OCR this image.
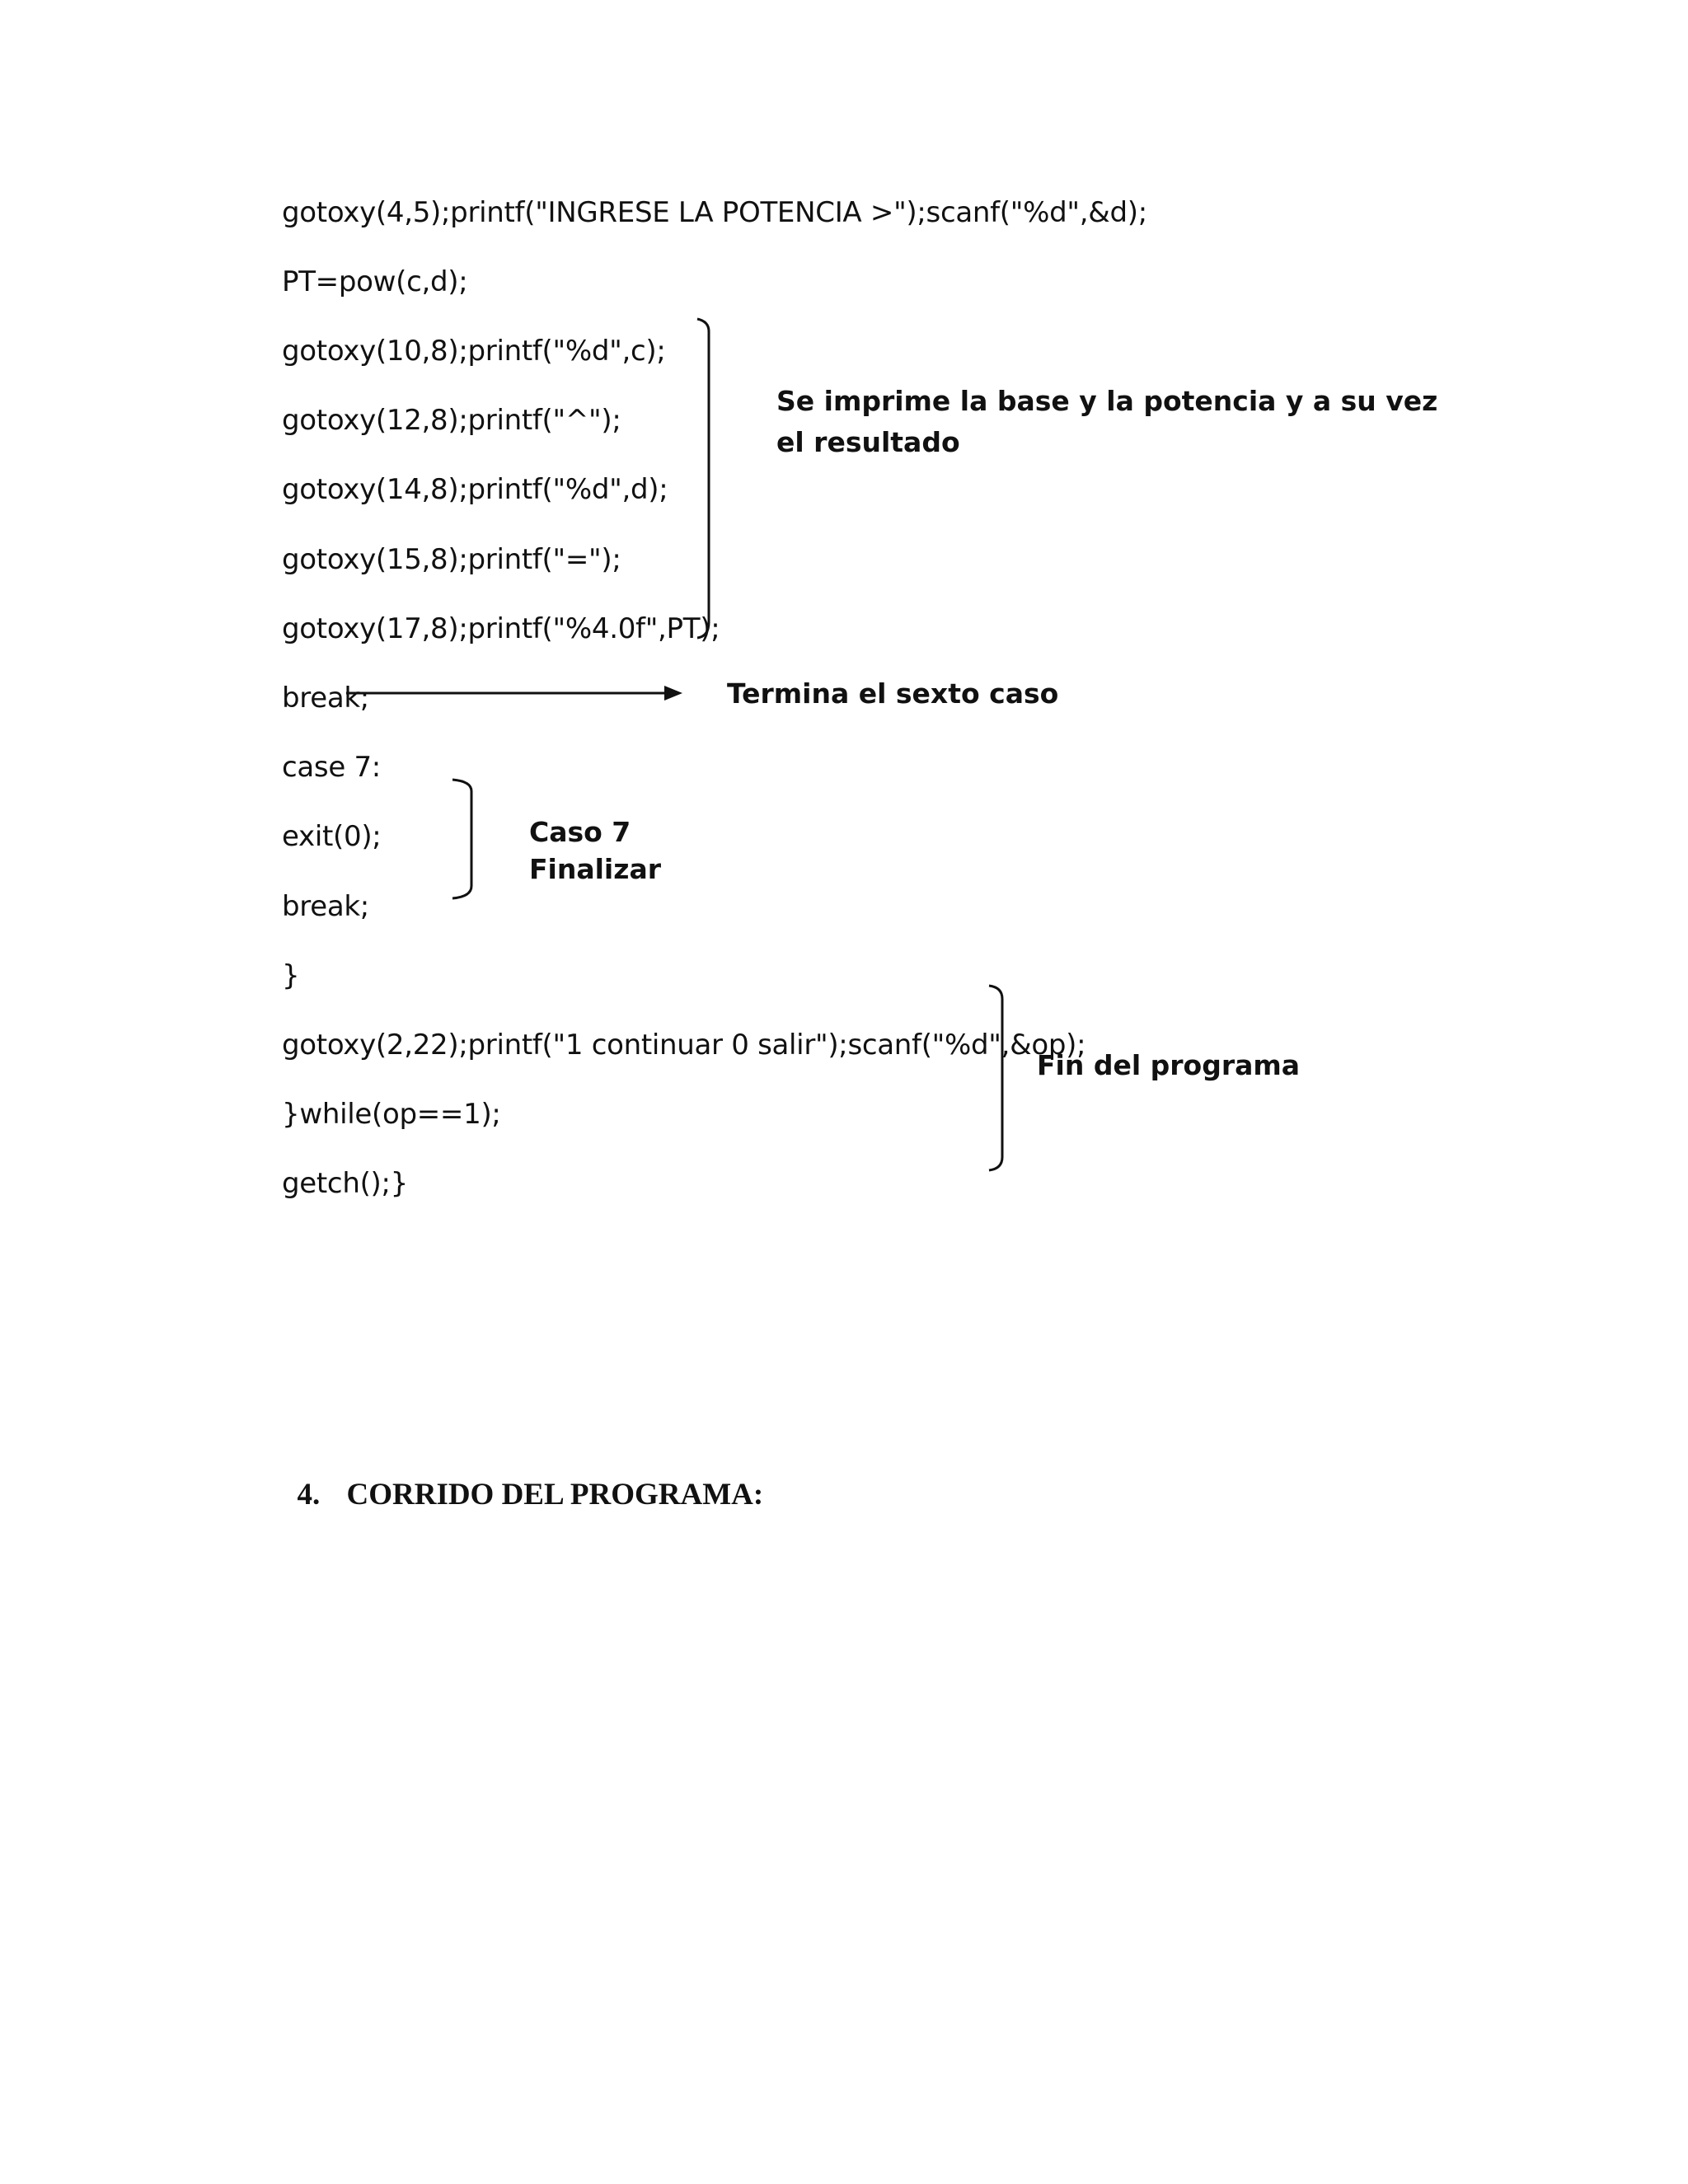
gotoxy(4,5);printf("INGRESE LA POTENCIA >");scanf("%d",&d);
PT=pow(c,d);
gotoxy(10,8);printf("%d",c);
gotoxy(12,8);printf("^");
gotoxy(14,8);printf("%d",d);
gotoxy(15,8);printf("=");
gotoxy(17,8);printf("%4.0f",PT);
break;
case 7:
exit(0);
break;
}
gotoxy(2,22);printf("1 continuar 0 salir");scanf("%d",&op);
}while(op==1);
getch();}
Se imprime la base y la potencia y a su vez
el resultado
Termina el sexto caso
Caso 7
Finalizar
Fin del programa

4. CORRIDO DEL PROGRAMA:
